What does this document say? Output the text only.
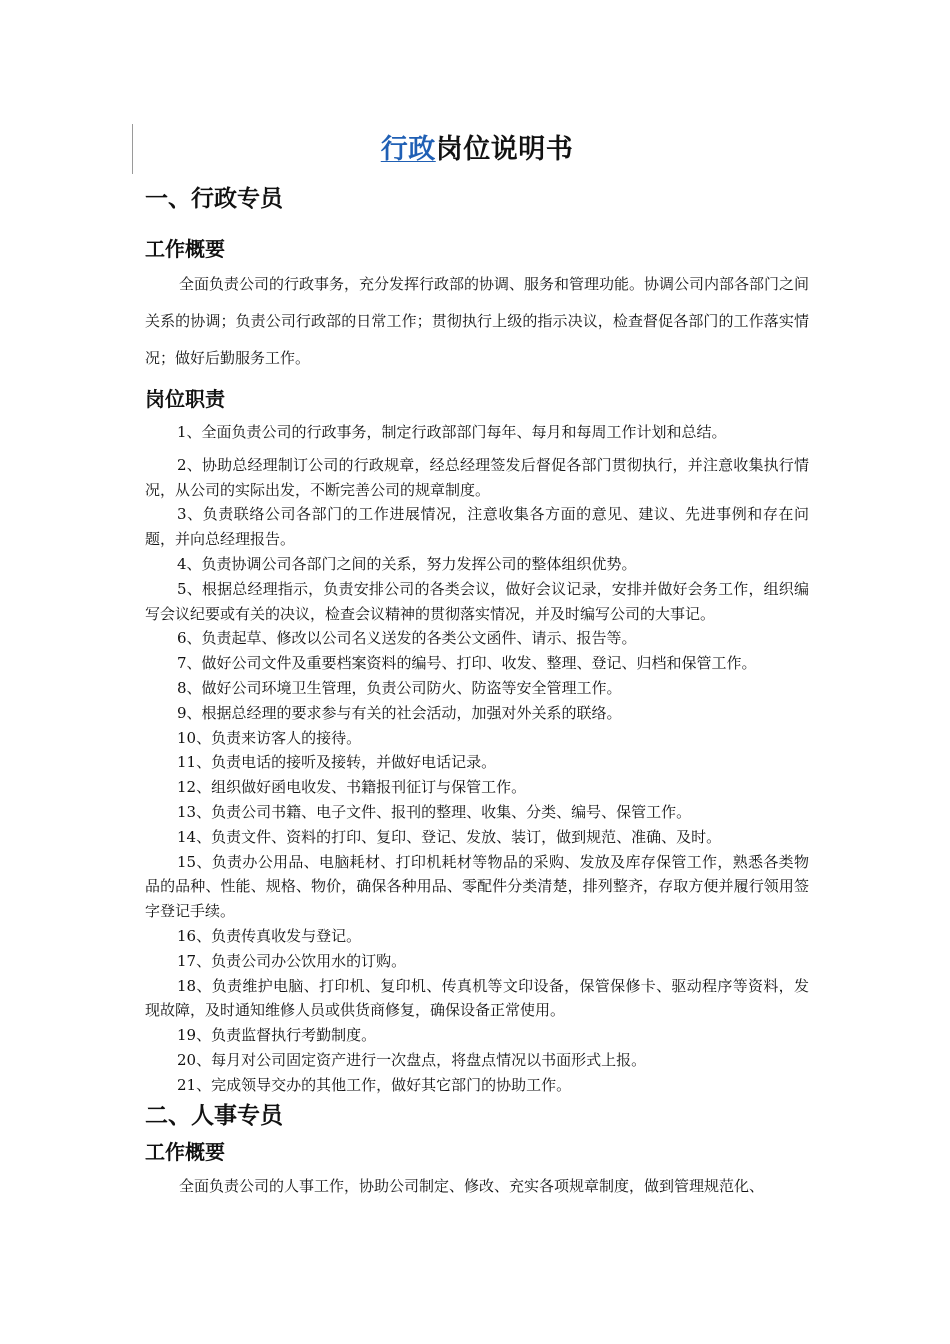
行政岗位说明书
一、行政专员
工作概要

全面负责公司的行政事务，充分发挥行政部的协调、服务和管理功能。协调公司内部各部门之间关系的协调；负责公司行政部的日常工作；贯彻执行上级的指示决议，检查督促各部门的工作落实情况；做好后勤服务工作。

岗位职责
1、全面负责公司的行政事务，制定行政部部门每年、每月和每周工作计划和总结。
2、协助总经理制订公司的行政规章，经总经理签发后督促各部门贯彻执行，并注意收集执行情况，从公司的实际出发，不断完善公司的规章制度。
3、负责联络公司各部门的工作进展情况，注意收集各方面的意见、建议、先进事例和存在问题，并向总经理报告。
4、负责协调公司各部门之间的关系，努力发挥公司的整体组织优势。
5、根据总经理指示，负责安排公司的各类会议，做好会议记录，安排并做好会务工作，组织编写会议纪要或有关的决议，检查会议精神的贯彻落实情况，并及时编写公司的大事记。
6、负责起草、修改以公司名义送发的各类公文函件、请示、报告等。
7、做好公司文件及重要档案资料的编号、打印、收发、整理、登记、归档和保管工作。
8、做好公司环境卫生管理，负责公司防火、防盗等安全管理工作。
9、根据总经理的要求参与有关的社会活动，加强对外关系的联络。
10、负责来访客人的接待。
11、负责电话的接听及接转，并做好电话记录。
12、组织做好函电收发、书籍报刊征订与保管工作。
13、负责公司书籍、电子文件、报刊的整理、收集、分类、编号、保管工作。
14、负责文件、资料的打印、复印、登记、发放、装订，做到规范、准确、及时。
15、负责办公用品、电脑耗材、打印机耗材等物品的采购、发放及库存保管工作，熟悉各类物品的品种、性能、规格、物价，确保各种用品、零配件分类清楚，排列整齐，存取方便并履行领用签字登记手续。
16、负责传真收发与登记。
17、负责公司办公饮用水的订购。
18、负责维护电脑、打印机、复印机、传真机等文印设备，保管保修卡、驱动程序等资料，发现故障，及时通知维修人员或供货商修复，确保设备正常使用。
19、负责监督执行考勤制度。
20、每月对公司固定资产进行一次盘点，将盘点情况以书面形式上报。
21、完成领导交办的其他工作，做好其它部门的协助工作。
二、人事专员
工作概要

全面负责公司的人事工作，协助公司制定、修改、充实各项规章制度，做到管理规范化、
